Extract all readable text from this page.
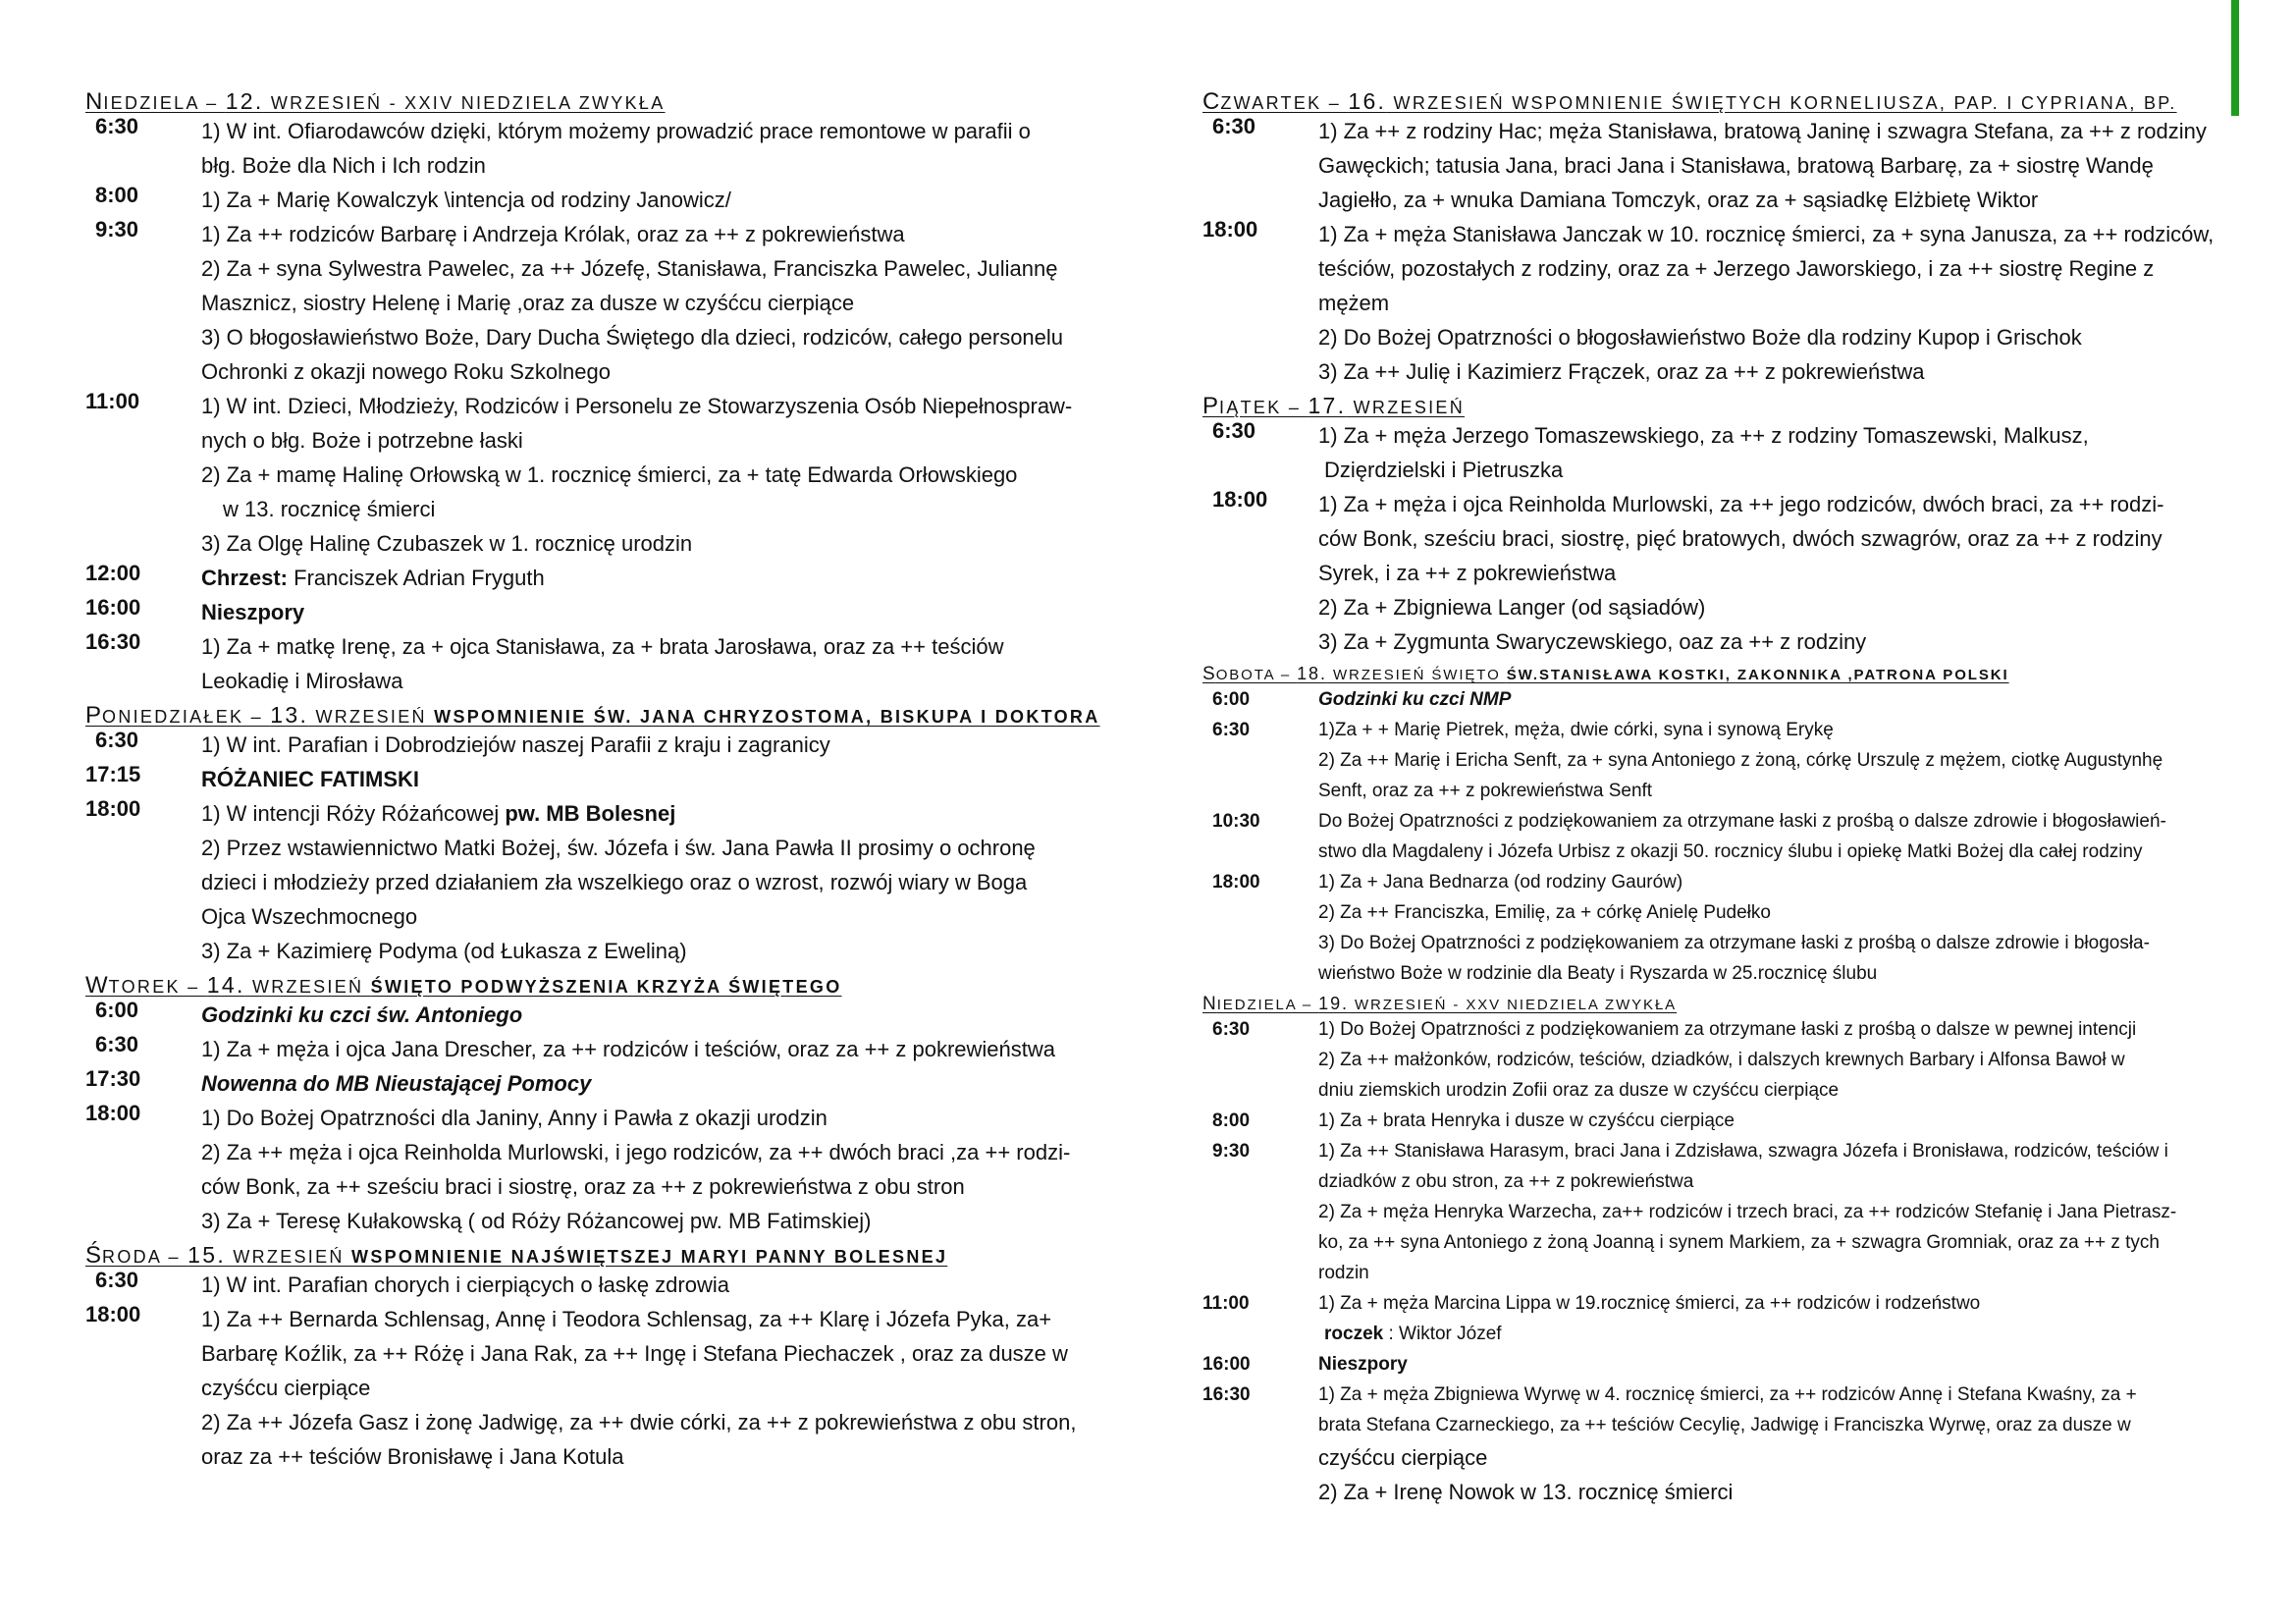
NIEDZIELA – 12. WRZESIEŃ - XXIV NIEDZIELA ZWYKŁA
6:30	1) W int. Ofiarodawców dzięki, którym możemy prowadzić prace remontowe w parafii o
błg. Boże dla Nich i Ich rodzin
8:00	1) Za + Marię Kowalczyk \intencja od rodziny Janowicz/
9:30	1) Za ++ rodziców Barbarę i Andrzeja Królak, oraz za ++ z pokrewieństwa
2) Za + syna Sylwestra Pawelec, za ++ Józefę, Stanisława, Franciszka Pawelec, Juliannę
Masznicz, siostry Helenę i Marię ,oraz za dusze w czyśćcu cierpiące
3) O błogosławieństwo Boże, Dary Ducha Świętego dla dzieci, rodziców, całego personelu
Ochronki z okazji nowego Roku Szkolnego
11:00	1) W int. Dzieci, Młodzieży, Rodziców i Personelu ze Stowarzyszenia Osób Niepełnospraw-
nych o błg. Boże i potrzebne łaski
2) Za + mamę Halinę Orłowską w 1. rocznicę śmierci, za + tatę Edwarda Orłowskiego
w 13. rocznicę śmierci
3) Za Olgę Halinę Czubaszek w 1. rocznicę urodzin
12:00	Chrzest: Franciszek Adrian Fryguth
16:00	Nieszpory
16:30	1) Za + matkę Irenę, za + ojca Stanisława, za + brata Jarosława, oraz za ++ teściów
Leokadię i Mirosława
PONIEDZIAŁEK – 13. WRZESIEŃ WSPOMNIENIE ŚW. JANA CHRYZOSTOMA, BISKUPA I DOKTORA
6:30	1) W int. Parafian i Dobrodziejów naszej Parafii z kraju i zagranicy
17:15	RÓŻANIEC FATIMSKI
18:00	1) W intencji Róży Różańcowej pw. MB Bolesnej
2) Przez wstawiennictwo Matki Bożej, św. Józefa i św. Jana Pawła II prosimy o ochronę
dzieci i młodzieży przed działaniem zła wszelkiego oraz o wzrost, rozwój wiary w Boga
Ojca Wszechmocnego
3) Za + Kazimierę Podyma (od Łukasza z Eweliną)
WTOREK – 14. WRZESIEŃ ŚWIĘTO PODWYŻSZENIA KRZYŻA ŚWIĘTEGO
6:00	Godzinki ku czci św. Antoniego
6:30	1) Za + męża i ojca Jana Drescher, za ++ rodziców i teściów, oraz za ++ z pokrewieństwa
17:30	Nowenna do MB Nieustającej Pomocy
18:00	1) Do Bożej Opatrzności dla Janiny, Anny i Pawła z okazji urodzin
2) Za ++ męża i ojca Reinholda Murlowski, i jego rodziców, za ++ dwóch braci ,za ++ rodzi-
ców Bonk, za ++ sześciu braci i siostrę, oraz za ++ z pokrewieństwa z obu stron
3) Za + Teresę Kułakowską ( od Róży Różancowej pw. MB Fatimskiej)
ŚRODA – 15. WRZESIEŃ WSPOMNIENIE NAJŚWIĘTSZEJ MARYI PANNY BOLESNEJ
6:30	1) W int. Parafian chorych i cierpiących o łaskę zdrowia
18:00	1) Za ++ Bernarda Schlensag, Annę i Teodora Schlensag, za ++ Klarę i Józefa Pyka, za+
Barbarę Koźlik, za ++ Różę i Jana Rak, za ++ Ingę i Stefana Piechaczek , oraz za dusze w
czyśćcu cierpiące
2) Za ++ Józefa Gasz i żonę Jadwigę, za ++ dwie córki, za ++ z pokrewieństwa z obu stron,
oraz za ++ teściów Bronisławę i Jana Kotula
CZWARTEK – 16. WRZESIEŃ WSPOMNIENIE ŚWIĘTYCH KORNELIUSZA, PAP. I CYPRIANA, BP.
6:30	1) Za ++ z rodziny Hac; męża Stanisława, bratową Janinę i szwagra Stefana, za ++ z rodziny
Gawęckich; tatusia Jana, braci Jana i Stanisława, bratową Barbarę, za + siostrę Wandę
Jagiełło, za + wnuka Damiana Tomczyk, oraz za + sąsiadkę Elżbietę Wiktor
18:00	1) Za + męża Stanisława Janczak w 10. rocznicę śmierci, za + syna Janusza, za ++ rodziców,
teściów, pozostałych z rodziny, oraz za + Jerzego Jaworskiego, i za ++ siostrę Regine z
mężem
2) Do Bożej Opatrzności o błogosławieństwo Boże dla rodziny Kupop i Grischok
3) Za ++ Julię i Kazimierz Frączek, oraz za ++ z pokrewieństwa
PIĄTEK – 17. WRZESIEŃ
6:30	1) Za + męża Jerzego Tomaszewskiego, za ++ z rodziny Tomaszewski, Malkusz,
Dzięrdzielski i Pietruszka
18:00	1) Za + męża i ojca Reinholda Murlowski, za ++ jego rodziców, dwóch braci, za ++ rodzi-
ców Bonk, sześciu braci, siostrę, pięć bratowych, dwóch szwagrów, oraz za ++ z rodziny
Syrek, i za ++ z pokrewieństwa
2) Za + Zbigniewa Langer (od sąsiadów)
3) Za + Zygmunta Swaryczewskiego, oaz za ++ z rodziny
SOBOTA – 18. WRZESIEŃ ŚWIĘTO ŚW.STANISŁAWA KOSTKI, ZAKONNIKA ,PATRONA POLSKI
6:00	Godzinki ku czci NMP
6:30	1)Za + + Marię Pietrek, męża, dwie córki, syna i synową Erykę
2) Za ++ Marię i Ericha Senft, za + syna Antoniego z żoną, córkę Urszulę z mężem, ciotkę Augustynhę
Senft, oraz za ++ z pokrewieństwa Senft
10:30	Do Bożej Opatrzności z podziękowaniem za otrzymane łaski z prośbą o dalsze zdrowie i błogosławień-
stwo dla Magdaleny i Józefa Urbisz z okazji 50. rocznicy ślubu i opiekę Matki Bożej dla całej rodziny
18:00	1) Za + Jana Bednarza (od rodziny Gaurów)
2) Za ++ Franciszka, Emilię, za + córkę Anielę Pudełko
3) Do Bożej Opatrzności z podziękowaniem za otrzymane łaski z prośbą o dalsze zdrowie i błogosła-
wieństwo Boże w rodzinie dla Beaty i Ryszarda w 25.rocznicę ślubu
NIEDZIELA – 19. WRZESIEŃ - XXV NIEDZIELA ZWYKŁA
6:30	1) Do Bożej Opatrzności z podziękowaniem za otrzymane łaski z prośbą o dalsze w pewnej intencji
2) Za ++ małżonków, rodziców, teściów, dziadków, i dalszych krewnych Barbary i Alfonsa Bawoł w
dniu ziemskich urodzin Zofii oraz za dusze w czyśćcu cierpiące
8:00	1) Za + brata Henryka i dusze w czyśćcu cierpiące
9:30	1) Za ++ Stanisława Harasym, braci Jana i Zdzisława, szwagra Józefa i Bronisława, rodziców, teściów i
dziadków z obu stron, za ++ z pokrewieństwa
2) Za + męża Henryka Warzecha, za++ rodziców i trzech braci, za ++ rodziców Stefanię i Jana Pietrasz-
ko, za ++ syna Antoniego z żoną Joanną i synem Markiem, za + szwagra Gromniak, oraz za ++ z tych
rodzin
11:00	1) Za + męża Marcina Lippa w 19.rocznicę śmierci, za ++ rodziców i rodzeństwo
roczek : Wiktor Józef
16:00	Nieszpory
16:30	1) Za + męża Zbigniewa Wyrwę w 4. rocznicę śmierci, za ++ rodziców Annę i Stefana Kwaśny, za +
brata Stefana Czarneckiego, za ++ teściów Cecylię, Jadwigę i Franciszka Wyrwę, oraz za dusze w
czyśćcu cierpiące
2) Za + Irenę Nowok w 13. rocznicę śmierci
